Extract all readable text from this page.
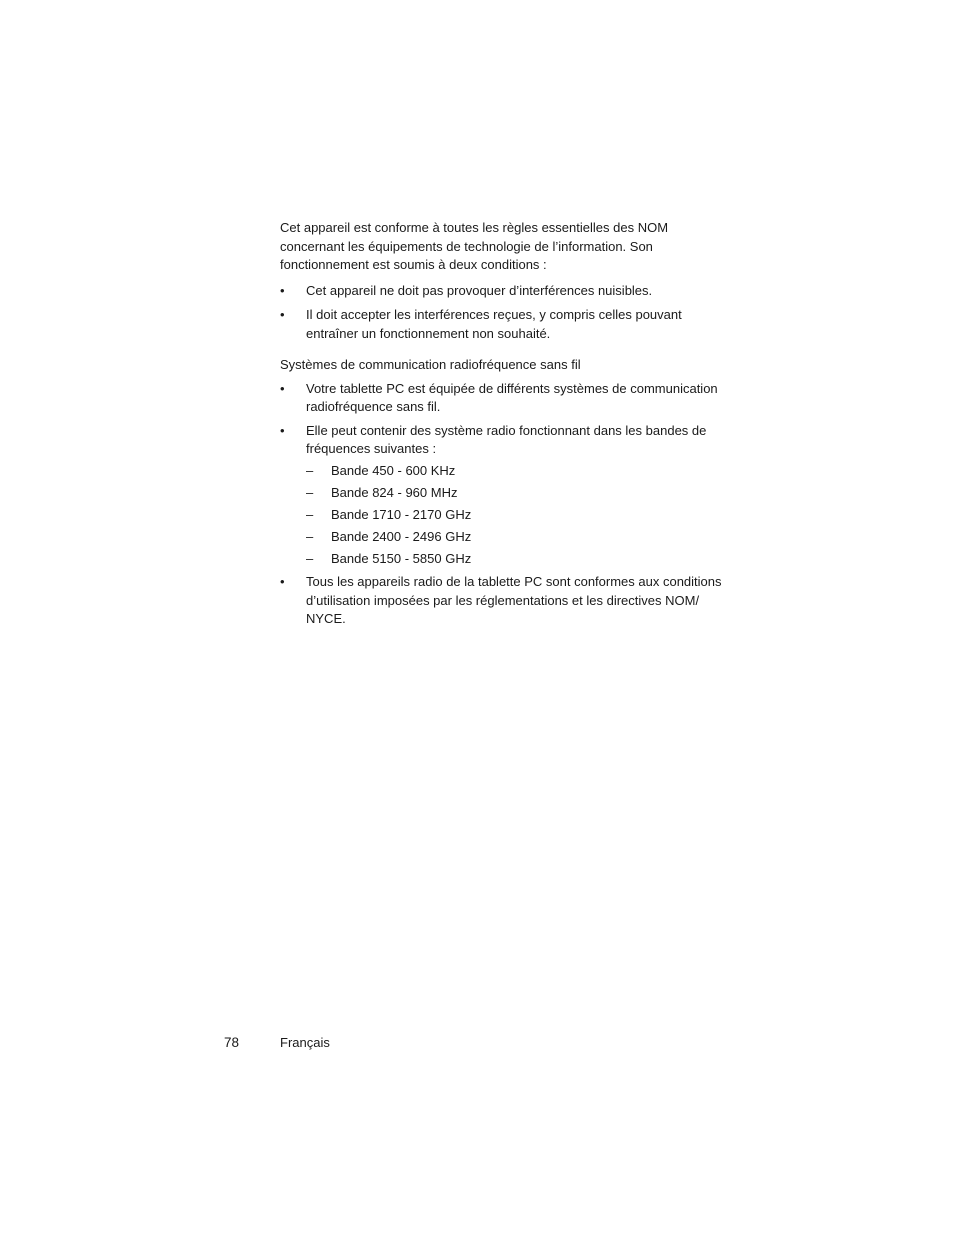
Cet appareil est conforme à toutes les règles essentielles des NOM concernant les équipements de technologie de l’information. Son fonctionnement est soumis à deux conditions :

•	Cet appareil ne doit pas provoquer d’interférences nuisibles.
•	Il doit accepter les interférences reçues, y compris celles pouvant entraîner un fonctionnement non souhaité.

Systèmes de communication radiofréquence sans fil

•	Votre tablette PC est équipée de différents systèmes de communication radiofréquence sans fil.
•	Elle peut contenir des système radio fonctionnant dans les bandes de fréquences suivantes :
– Bande 450 - 600 KHz
– Bande 824 - 960 MHz
– Bande 1710 - 2170 GHz
– Bande 2400 - 2496 GHz
– Bande 5150 - 5850 GHz
•	Tous les appareils radio de la tablette PC sont conformes aux conditions d’utilisation imposées par les réglementations et les directives NOM/ NYCE.
78	Français
